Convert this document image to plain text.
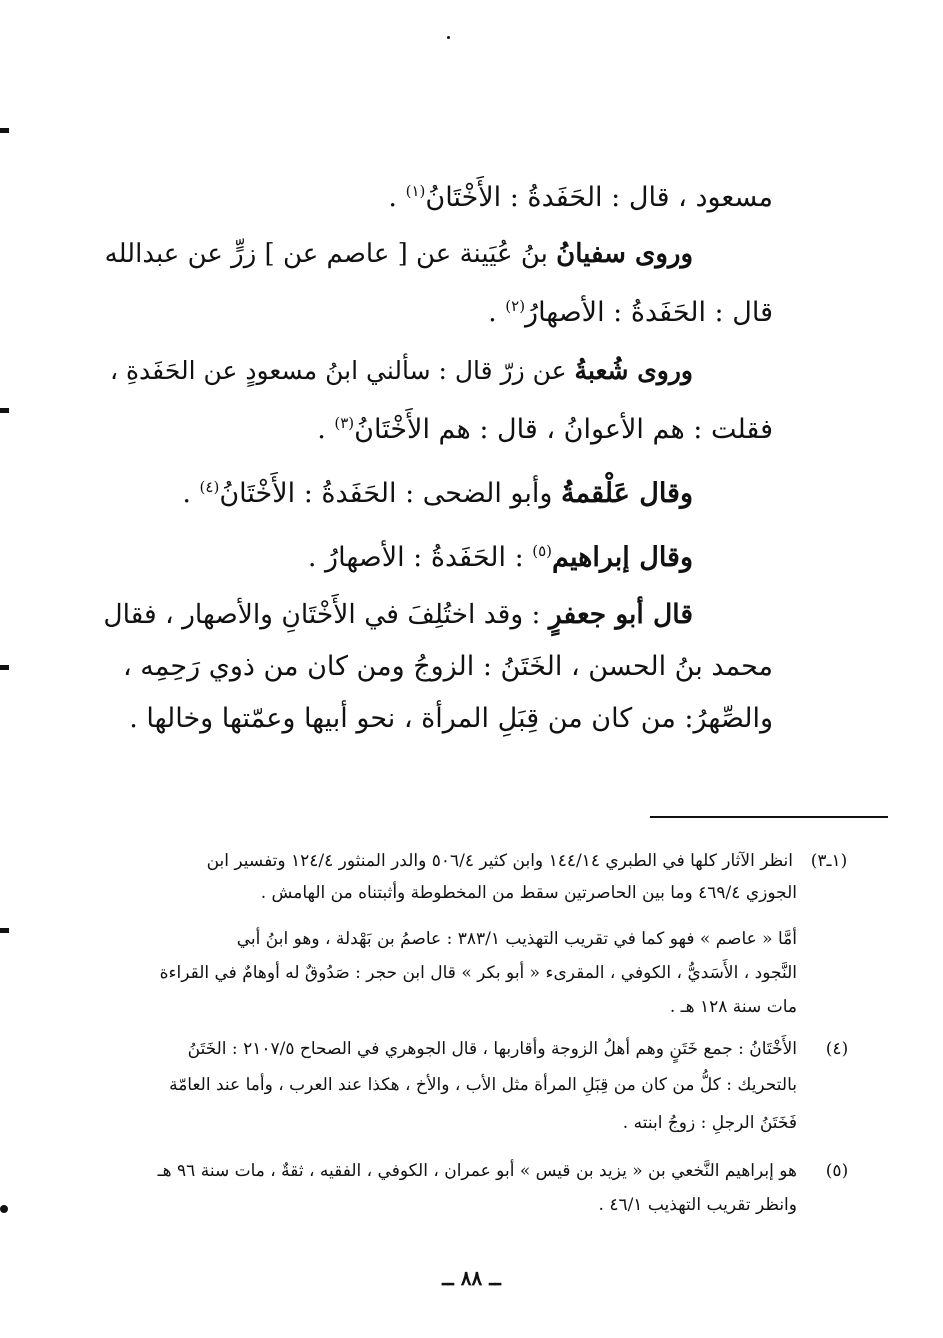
مسعود ، قال : الحَفَدةُ : الأَخْتَانُ$^{(١)}$ .
وروى سفيانُ بنُ عُيَينة عن [ عاصم عن ] زرٍّ عن عبدالله
قال : الحَفَدةُ : الأصهارُ$^{(٢)}$ .
وروى شُعبةُ عن زرّ قال : سألني ابنُ مسعودٍ عن الحَفَدةِ ،
فقلت : هم الأعوانُ ، قال : هم الأَخْتَانُ$^{(٣)}$ .
وقال عَلْقمةُ وأبو الضحى : الحَفَدةُ : الأَخْتَانُ$^{(٤)}$ .
وقال إبراهيم$^{(٥)}$ : الحَفَدةُ : الأصهارُ .
قال أبو جعفرٍ : وقد اختُلِفَ في الأَخْتَانِ والأصهار ، فقال
محمد بنُ الحسن ، الخَتَنُ : الزوجُ ومن كان من ذوي رَحِمِه ،
والصِّهرُ: من كان من قِبَلِ المرأة ، نحو أبيها وعمّتها وخالها .
(١ـ٣)
انظر الآثار كلها في الطبري ١٤٤/١٤ وابن كثير ٥٠٦/٤ والدر المنثور ١٢٤/٤ وتفسير ابن
الجوزي ٤٦٩/٤ وما بين الحاصرتين سقط من المخطوطة وأثبتناه من الهامش .
أمَّا « عاصم » فهو كما في تقريب التهذيب ٣٨٣/١ : عاصمُ بن بَهْدلة ، وهو ابنُ أبي
النَّجود ، الأَسَديُّ ، الكوفي ، المقرىء « أبو بكر » قال ابن حجر : صَدُوقٌ له أوهامٌ في القراءة
مات سنة ١٢٨ هـ .
(٤)
الأَخْتَانُ : جمع خَتَنٍ وهم أهلُ الزوجة وأقاربها ، قال الجوهري في الصحاح ٢١٠٧/٥ : الخَتَنُ
بالتحريك : كلُّ من كان من قِبَلِ المرأة مثل الأب ، والأخ ، هكذا عند العرب ، وأما عند العامّة
فَخَتَنُ الرجلِ : زوجُ ابنته .
(٥)
هو إبراهيم النَّخعي بن « يزيد بن قيس » أبو عمران ، الكوفي ، الفقيه ، ثقةٌ ، مات سنة ٩٦ هـ
وانظر تقريب التهذيب ٤٦/١ .
ــ ٨٨ ــ
